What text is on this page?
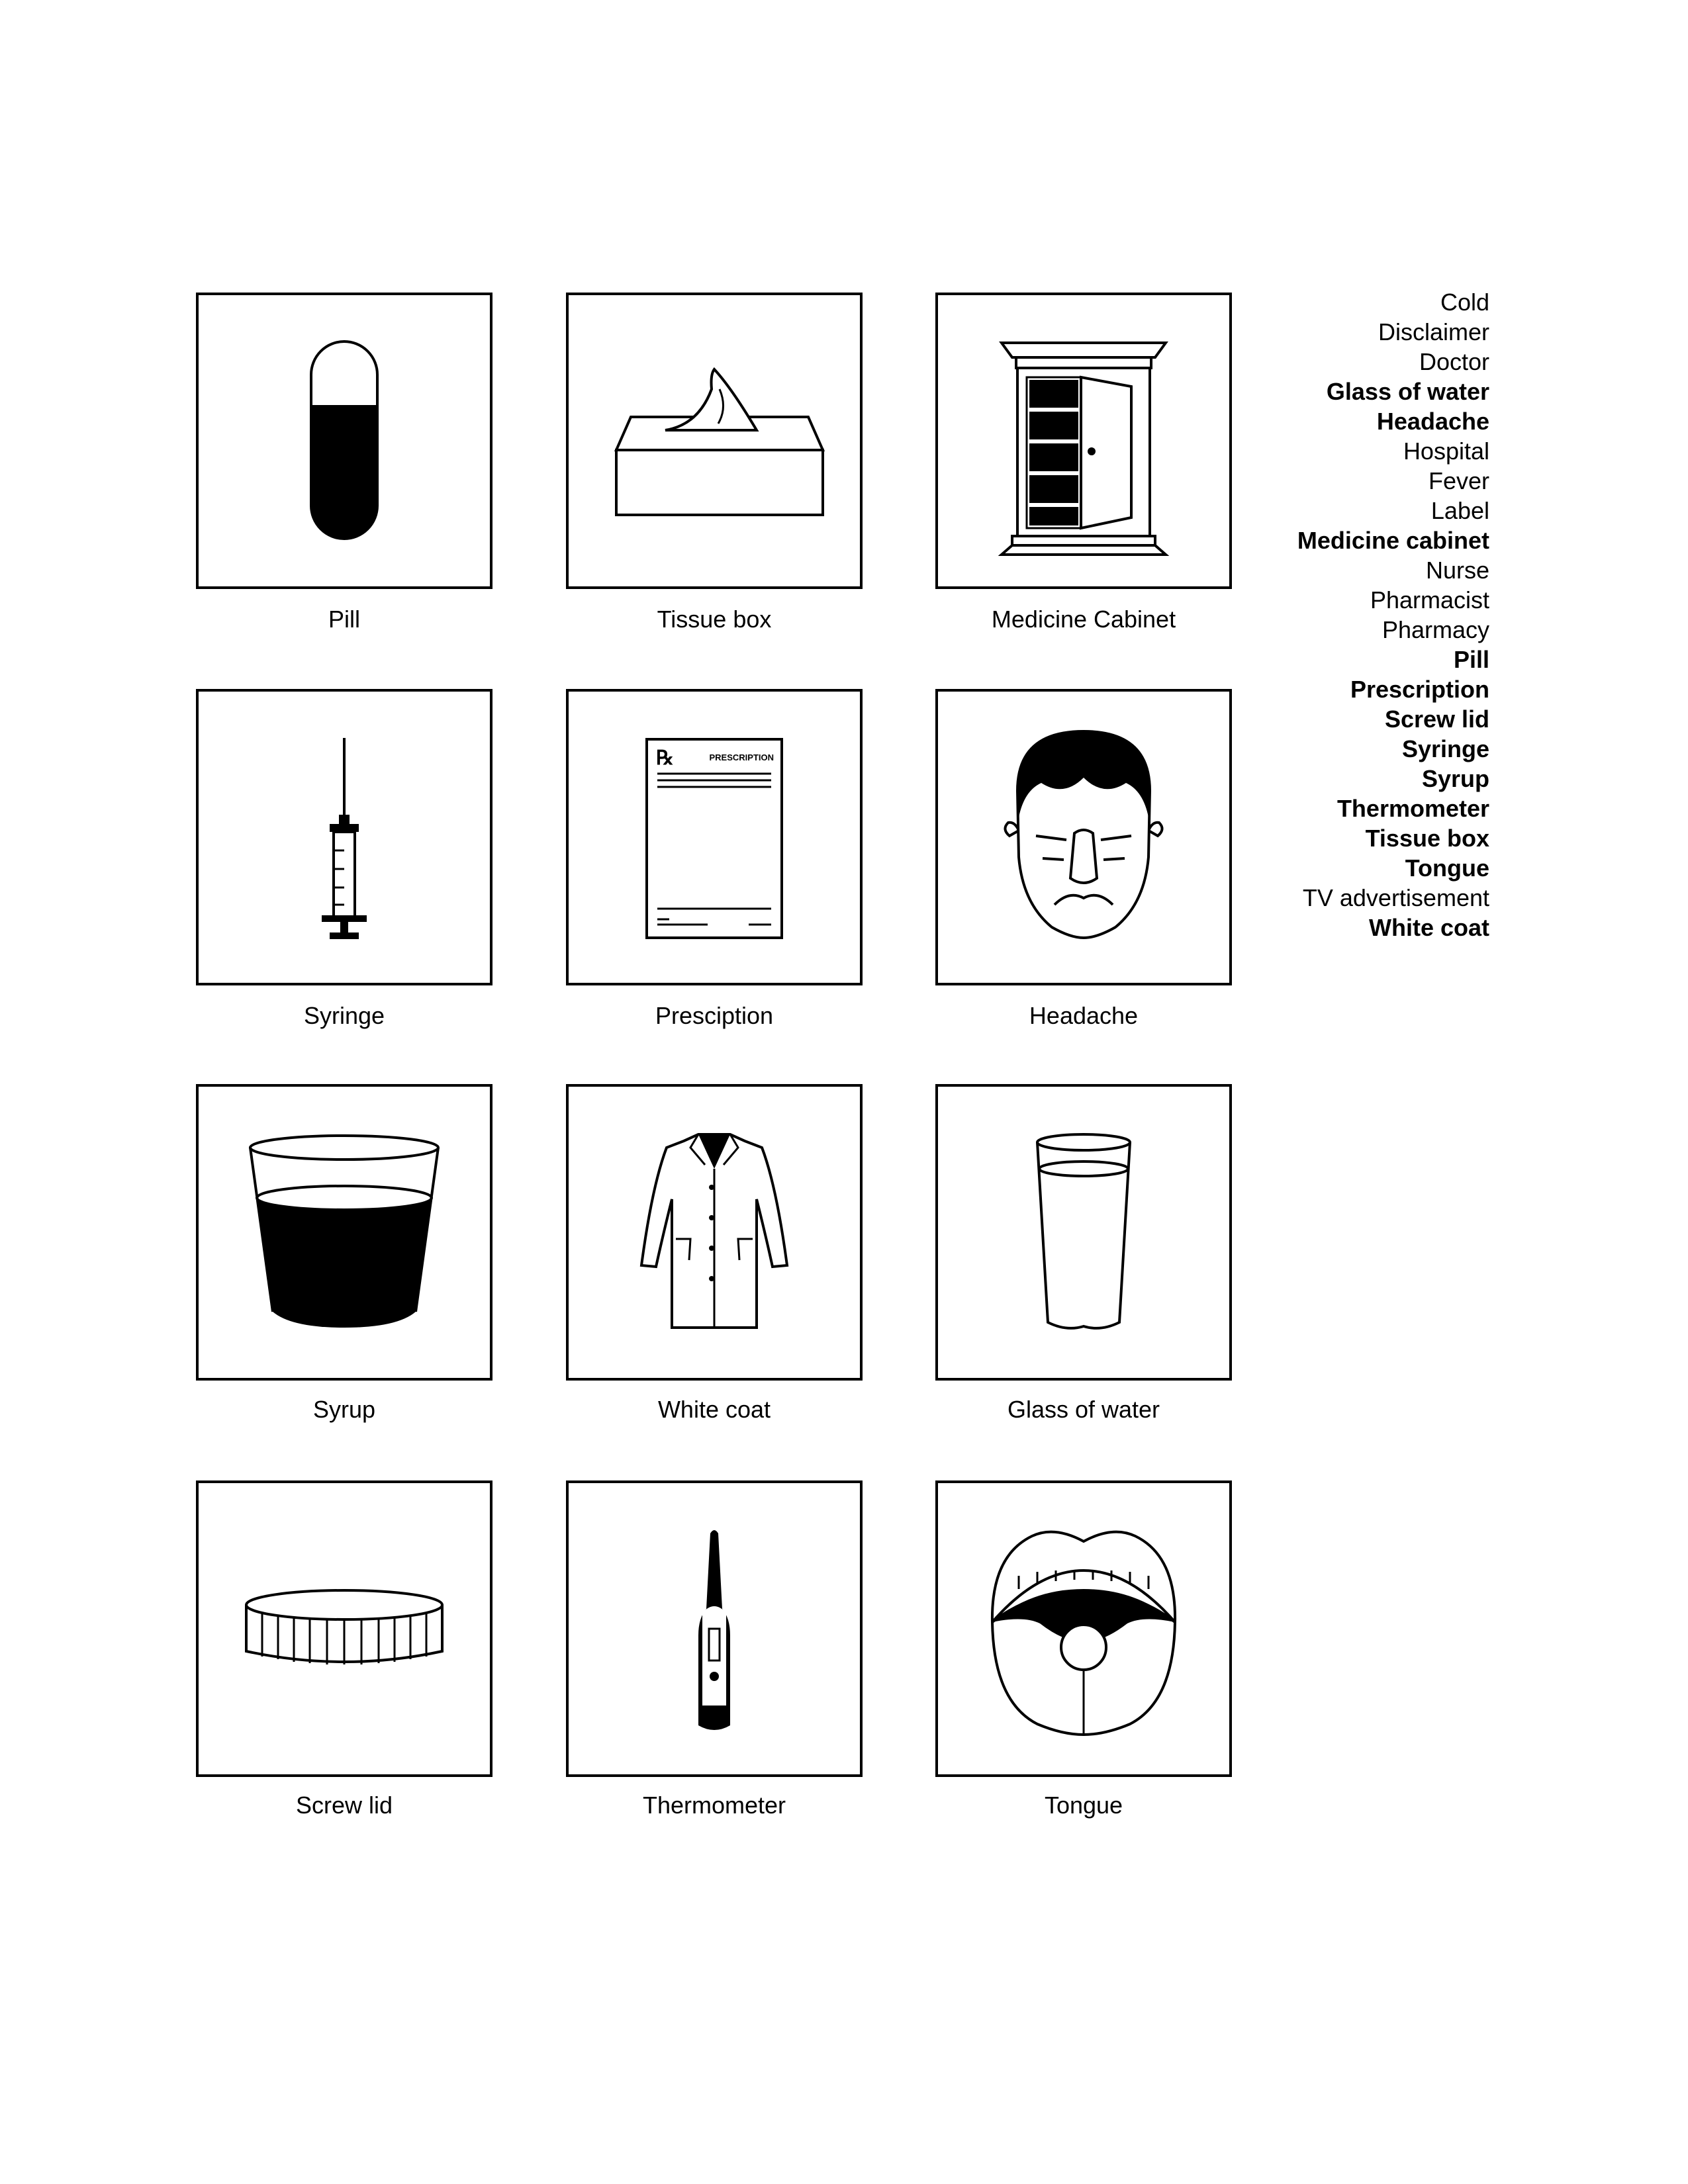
Pill	Tissue box	Medicine Cabinet
Syringe
℞	PRESCRIPTION
Presciption	Headache
Syrup	White coat	Glass of water
Screw lid	Thermometer	Tongue
Cold
Disclaimer
Doctor
Glass of water
Headache
Hospital
Fever
Label
Medicine cabinet
Nurse
Pharmacist
Pharmacy
Pill
Prescription
Screw lid
Syringe
Syrup
Thermometer
Tissue box
Tongue
TV advertisement
White coat
